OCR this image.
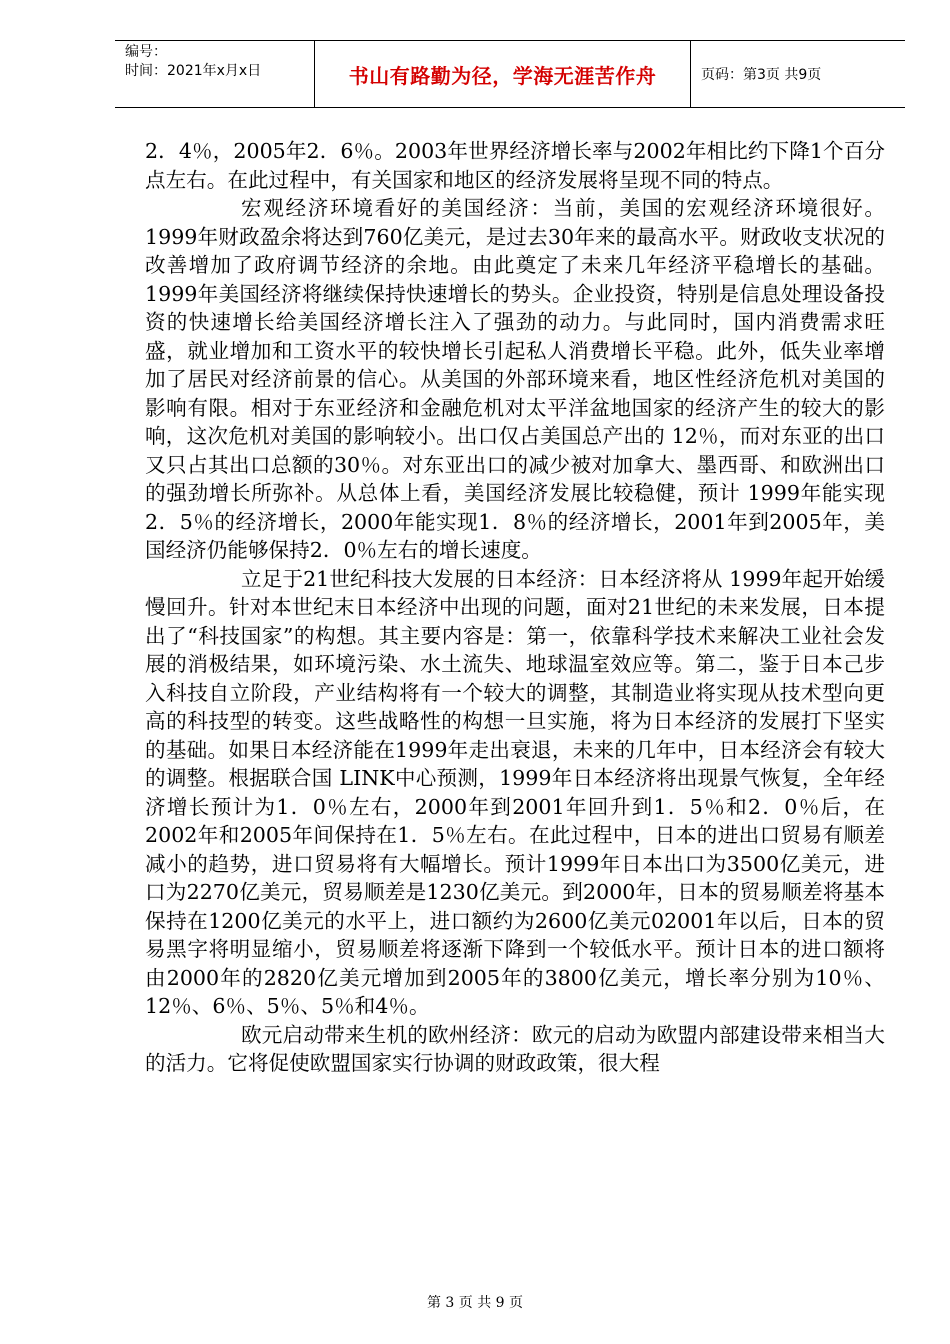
编号：
时间：2021年x月x日	书山有路勤为径，学海无涯苦作舟	页码：第3页 共9页

2．4％，2005年2．6％。2003年世界经济增长率与2002年相比约下降1个百分点左右。在此过程中，有关国家和地区的经济发展将呈现不同的特点。

宏观经济环境看好的美国经济：当前，美国的宏观经济环境很好。1999年财政盈余将达到760亿美元，是过去30年来的最高水平。财政收支状况的改善增加了政府调节经济的余地。由此奠定了未来几年经济平稳增长的基础。1999年美国经济将继续保持快速增长的势头。企业投资，特别是信息处理设备投资的快速增长给美国经济增长注入了强劲的动力。与此同时，国内消费需求旺盛，就业增加和工资水平的较快增长引起私人消费增长平稳。此外，低失业率增加了居民对经济前景的信心。从美国的外部环境来看，地区性经济危机对美国的影响有限。相对于东亚经济和金融危机对太平洋盆地国家的经济产生的较大的影响，这次危机对美国的影响较小。出口仅占美国总产出的 12％，而对东亚的出口又只占其出口总额的30％。对东亚出口的减少被对加拿大、墨西哥、和欧洲出口的强劲增长所弥补。从总体上看，美国经济发展比较稳健，预计 1999年能实现2．5％的经济增长，2000年能实现1．8％的经济增长，2001年到2005年，美国经济仍能够保持2．0％左右的增长速度。

立足于21世纪科技大发展的日本经济：日本经济将从 1999年起开始缓慢回升。针对本世纪末日本经济中出现的问题，面对21世纪的未来发展，日本提出了“科技国家”的构想。其主要内容是：第一，依靠科学技术来解决工业社会发展的消极结果，如环境污染、水土流失、地球温室效应等。第二，鉴于日本己步入科技自立阶段，产业结构将有一个较大的调整，其制造业将实现从技术型向更高的科技型的转变。这些战略性的构想一旦实施，将为日本经济的发展打下坚实的基础。如果日本经济能在1999年走出衰退，未来的几年中，日本经济会有较大的调整。根据联合国 LINK中心预测，1999年日本经济将出现景气恢复，全年经济增长预计为1．0％左右，2000年到2001年回升到1．5％和2．0％后，在2002年和2005年间保持在1．5％左右。在此过程中，日本的进出口贸易有顺差减小的趋势，进口贸易将有大幅增长。预计1999年日本出口为3500亿美元，进口为2270亿美元，贸易顺差是1230亿美元。到2000年，日本的贸易顺差将基本保持在1200亿美元的水平上，进口额约为2600亿美元02001年以后，日本的贸易黑字将明显缩小，贸易顺差将逐渐下降到一个较低水平。预计日本的进口额将由2000年的2820亿美元增加到2005年的3800亿美元，增长率分别为10％、12％、6％、5％、5％和4％。

欧元启动带来生机的欧州经济：欧元的启动为欧盟内部建设带来相当大的活力。它将促使欧盟国家实行协调的财政政策，很大程

第 3 页 共 9 页
